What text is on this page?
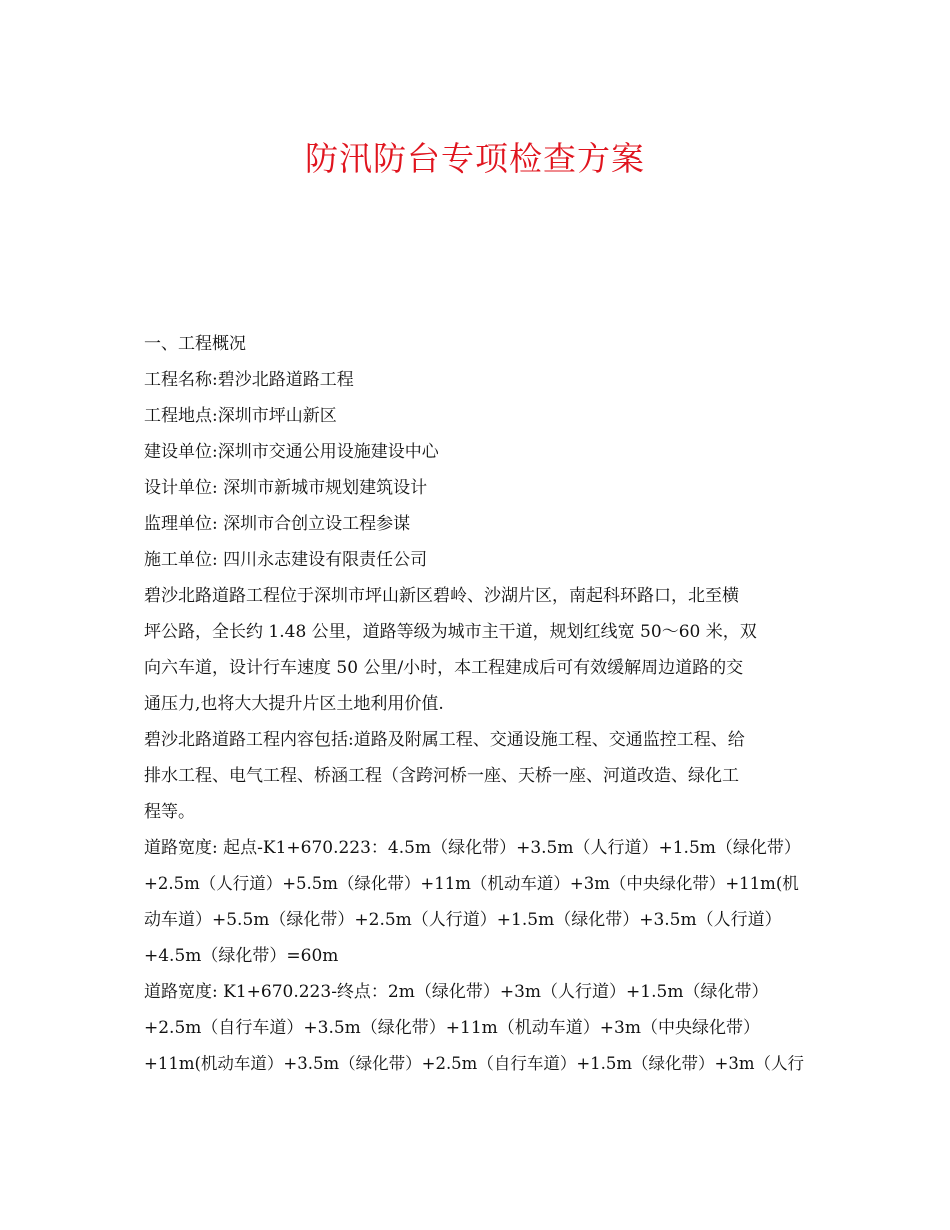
防汛防台专项检查方案
一、工程概况
工程名称:碧沙北路道路工程
工程地点:深圳市坪山新区
建设单位:深圳市交通公用设施建设中心
设计单位: 深圳市新城市规划建筑设计
监理单位: 深圳市合创立设工程参谋
施工单位: 四川永志建设有限责任公司
碧沙北路道路工程位于深圳市坪山新区碧岭、沙湖片区，南起科环路口，北至横
坪公路，全长约 1.48 公里，道路等级为城市主干道，规划红线宽 50～60 米，双
向六车道，设计行车速度 50 公里/小时，本工程建成后可有效缓解周边道路的交
通压力,也将大大提升片区土地利用价值.
碧沙北路道路工程内容包括:道路及附属工程、交通设施工程、交通监控工程、给
排水工程、电气工程、桥涵工程（含跨河桥一座、天桥一座、河道改造、绿化工
程等。
道路宽度: 起点-K1+670.223：4.5m（绿化带）+3.5m（人行道）+1.5m（绿化带）
+2.5m（人行道）+5.5m（绿化带）+11m（机动车道）+3m（中央绿化带）+11m(机
动车道）+5.5m（绿化带）+2.5m（人行道）+1.5m（绿化带）+3.5m（人行道）
+4.5m（绿化带）=60m
道路宽度: K1+670.223-终点：2m（绿化带）+3m（人行道）+1.5m（绿化带）
+2.5m（自行车道）+3.5m（绿化带）+11m（机动车道）+3m（中央绿化带）
+11m(机动车道）+3.5m（绿化带）+2.5m（自行车道）+1.5m（绿化带）+3m（人行
